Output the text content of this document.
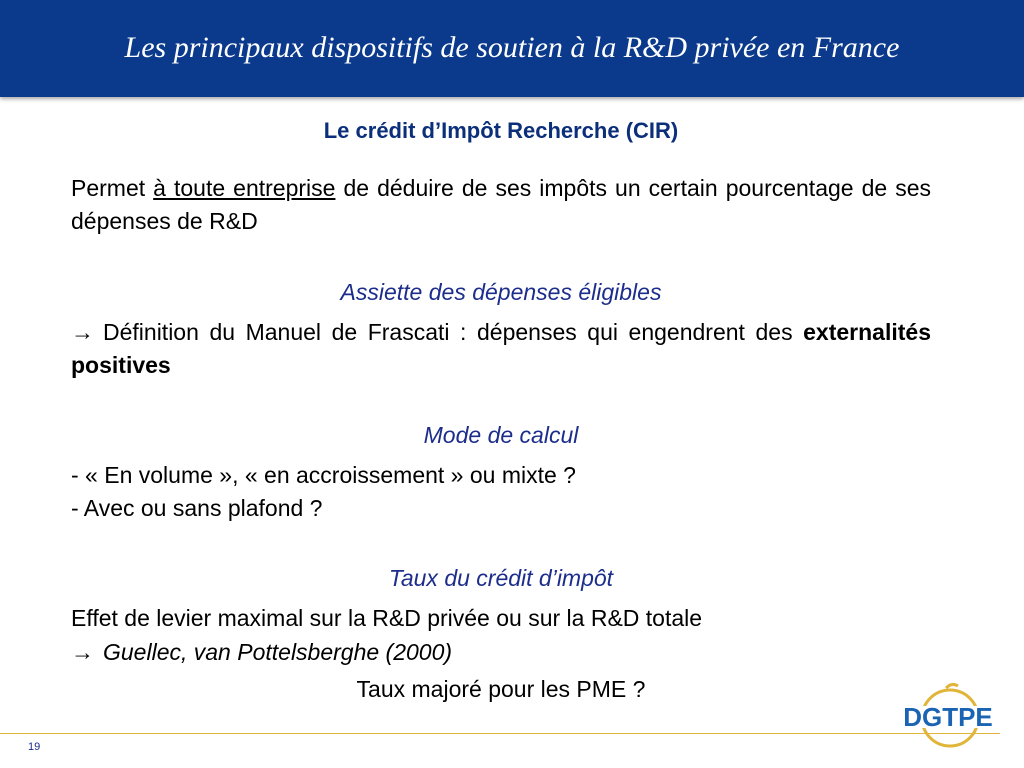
Les principaux dispositifs de soutien à la R&D privée en France
Le crédit d’Impôt Recherche (CIR)
Permet à toute entreprise de déduire de ses impôts un certain pourcentage de ses dépenses de R&D
Assiette des dépenses éligibles
→ Définition du Manuel de Frascati : dépenses qui engendrent des externalités positives
Mode de calcul
- « En volume », « en accroissement » ou mixte ?
- Avec ou sans plafond ?
Taux du crédit d’impôt
Effet de levier maximal sur la R&D privée ou sur la R&D totale
→ Guellec, van Pottelsberghe (2000)
Taux majoré pour les PME ?
19
DGTPE
